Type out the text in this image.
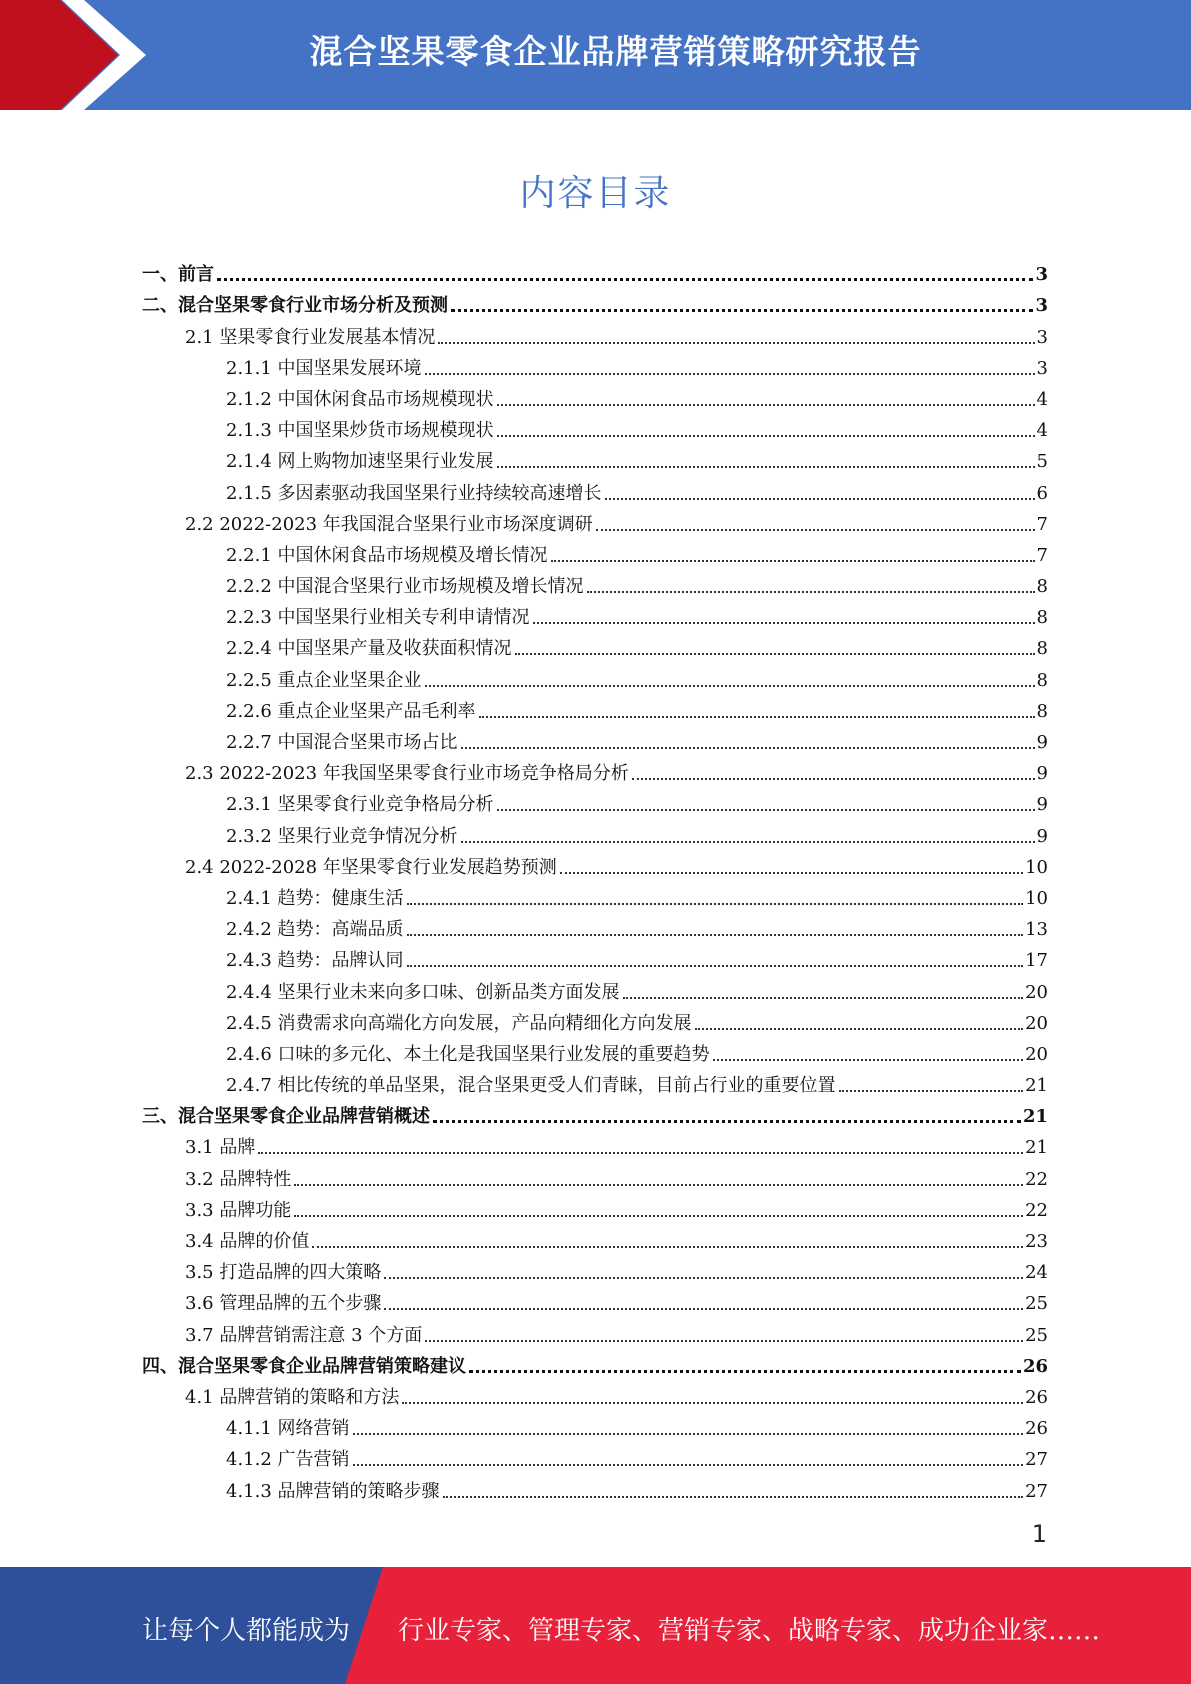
混合坚果零食企业品牌营销策略研究报告
内容目录
一、前言	3
二、混合坚果零食行业市场分析及预测	3
2.1 坚果零食行业发展基本情况	3
2.1.1 中国坚果发展环境	3
2.1.2 中国休闲食品市场规模现状	4
2.1.3 中国坚果炒货市场规模现状	4
2.1.4 网上购物加速坚果行业发展	5
2.1.5 多因素驱动我国坚果行业持续较高速增长	6
2.2 2022-2023 年我国混合坚果行业市场深度调研	7
2.2.1 中国休闲食品市场规模及增长情况	7
2.2.2 中国混合坚果行业市场规模及增长情况	8
2.2.3 中国坚果行业相关专利申请情况	8
2.2.4 中国坚果产量及收获面积情况	8
2.2.5 重点企业坚果企业	8
2.2.6 重点企业坚果产品毛利率	8
2.2.7 中国混合坚果市场占比	9
2.3 2022-2023 年我国坚果零食行业市场竞争格局分析	9
2.3.1 坚果零食行业竞争格局分析	9
2.3.2 坚果行业竞争情况分析	9
2.4 2022-2028 年坚果零食行业发展趋势预测	10
2.4.1 趋势：健康生活	10
2.4.2 趋势：高端品质	13
2.4.3 趋势：品牌认同	17
2.4.4 坚果行业未来向多口味、创新品类方面发展	20
2.4.5 消费需求向高端化方向发展，产品向精细化方向发展	20
2.4.6 口味的多元化、本土化是我国坚果行业发展的重要趋势	20
2.4.7 相比传统的单品坚果，混合坚果更受人们青睐，目前占行业的重要位置	21
三、混合坚果零食企业品牌营销概述	21
3.1 品牌	21
3.2 品牌特性	22
3.3 品牌功能	22
3.4 品牌的价值	23
3.5 打造品牌的四大策略	24
3.6 管理品牌的五个步骤	25
3.7 品牌营销需注意 3 个方面	25
四、混合坚果零食企业品牌营销策略建议	26
4.1 品牌营销的策略和方法	26
4.1.1 网络营销	26
4.1.2 广告营销	27
4.1.3 品牌营销的策略步骤	27
1
让每个人都能成为 行业专家、管理专家、营销专家、战略专家、成功企业家……
